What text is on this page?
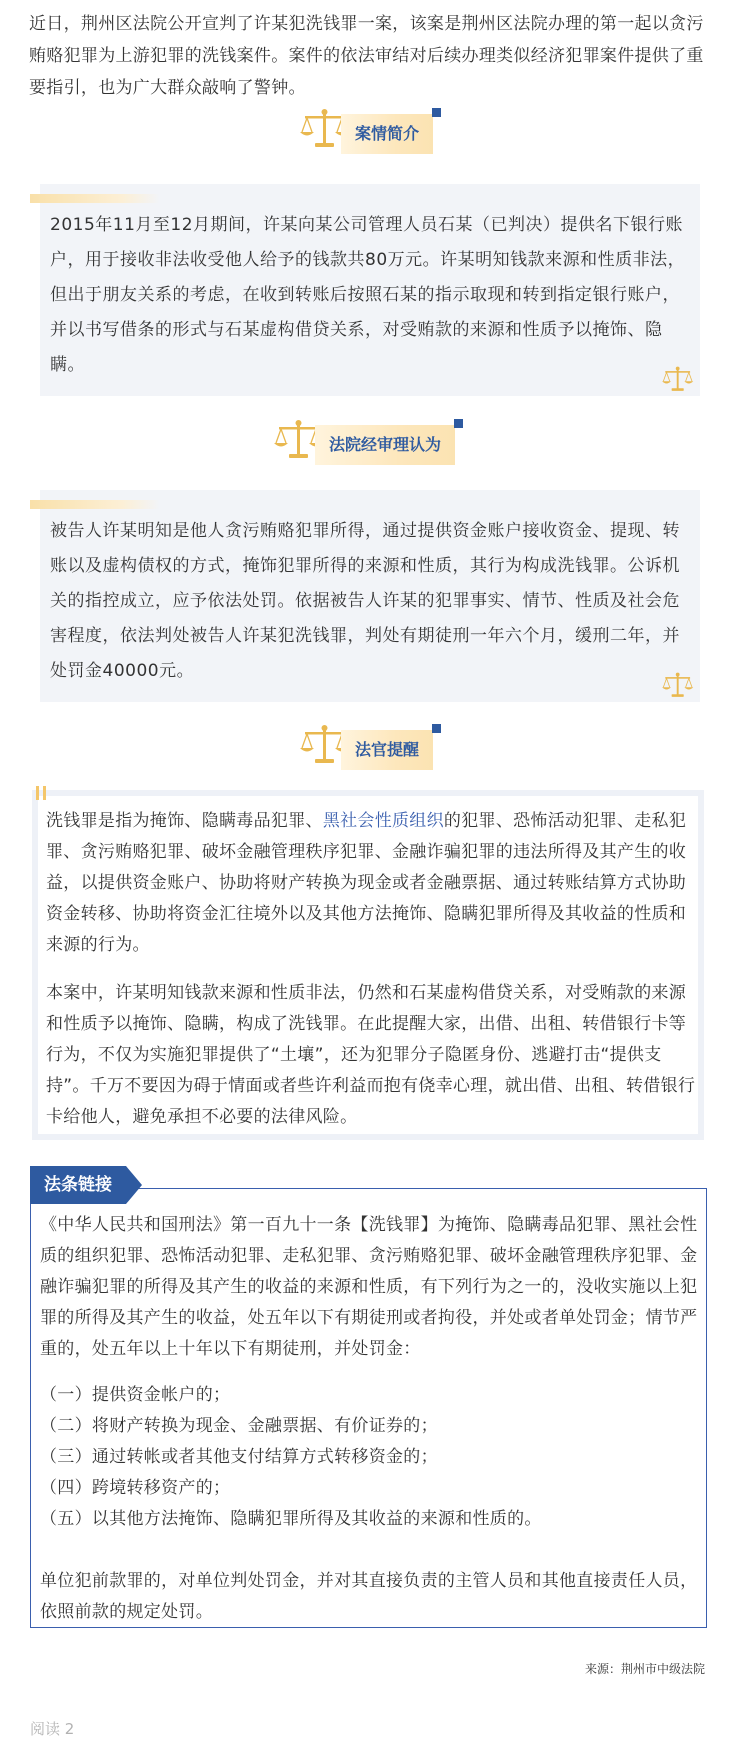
近日，荆州区法院公开宣判了许某犯洗钱罪一案，该案是荆州区法院办理的第一起以贪污贿赂犯罪为上游犯罪的洗钱案件。案件的依法审结对后续办理类似经济犯罪案件提供了重要指引，也为广大群众敲响了警钟。

案情简介

2015年11月至12月期间，许某向某公司管理人员石某（已判决）提供名下银行账户，用于接收非法收受他人给予的钱款共80万元。许某明知钱款来源和性质非法，但出于朋友关系的考虑，在收到转账后按照石某的指示取现和转到指定银行账户，并以书写借条的形式与石某虚构借贷关系，对受贿款的来源和性质予以掩饰、隐瞒。

法院经审理认为

被告人许某明知是他人贪污贿赂犯罪所得，通过提供资金账户接收资金、提现、转账以及虚构债权的方式，掩饰犯罪所得的来源和性质，其行为构成洗钱罪。公诉机关的指控成立，应予依法处罚。依据被告人许某的犯罪事实、情节、性质及社会危害程度，依法判处被告人许某犯洗钱罪，判处有期徒刑一年六个月，缓刑二年，并处罚金40000元。

法官提醒

洗钱罪是指为掩饰、隐瞒毒品犯罪、黑社会性质组织的犯罪、恐怖活动犯罪、走私犯罪、贪污贿赂犯罪、破坏金融管理秩序犯罪、金融诈骗犯罪的违法所得及其产生的收益，以提供资金账户、协助将财产转换为现金或者金融票据、通过转账结算方式协助资金转移、协助将资金汇往境外以及其他方法掩饰、隐瞒犯罪所得及其收益的性质和来源的行为。

本案中，许某明知钱款来源和性质非法，仍然和石某虚构借贷关系，对受贿款的来源和性质予以掩饰、隐瞒，构成了洗钱罪。在此提醒大家，出借、出租、转借银行卡等行为，不仅为实施犯罪提供了“土壤”，还为犯罪分子隐匿身份、逃避打击“提供支持”。千万不要因为碍于情面或者些许利益而抱有侥幸心理，就出借、出租、转借银行卡给他人，避免承担不必要的法律风险。

法条链接

《中华人民共和国刑法》第一百九十一条【洗钱罪】为掩饰、隐瞒毒品犯罪、黑社会性质的组织犯罪、恐怖活动犯罪、走私犯罪、贪污贿赂犯罪、破坏金融管理秩序犯罪、金融诈骗犯罪的所得及其产生的收益的来源和性质，有下列行为之一的，没收实施以上犯罪的所得及其产生的收益，处五年以下有期徒刑或者拘役，并处或者单处罚金；情节严重的，处五年以上十年以下有期徒刑，并处罚金：

（一）提供资金帐户的；

（二）将财产转换为现金、金融票据、有价证券的；

（三）通过转帐或者其他支付结算方式转移资金的；

（四）跨境转移资产的；

（五）以其他方法掩饰、隐瞒犯罪所得及其收益的来源和性质的。

单位犯前款罪的，对单位判处罚金，并对其直接负责的主管人员和其他直接责任人员，依照前款的规定处罚。

来源：荆州市中级法院

阅读 2
